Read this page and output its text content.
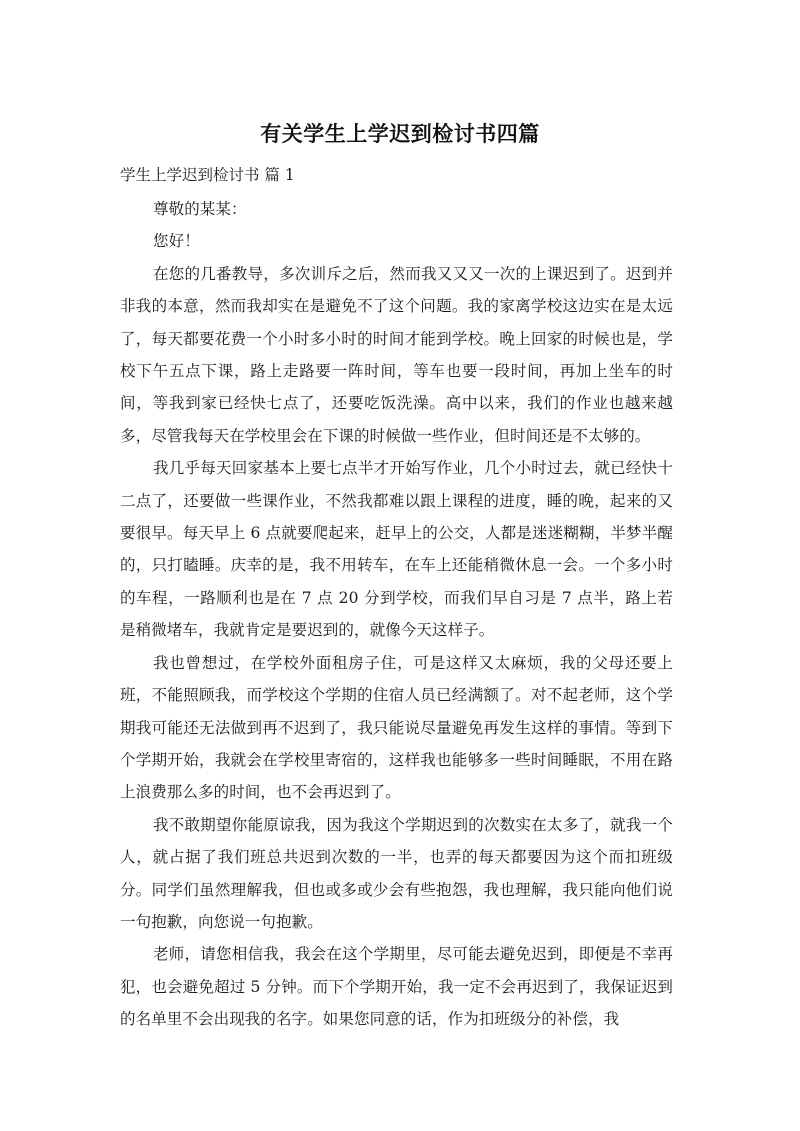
有关学生上学迟到检讨书四篇
学生上学迟到检讨书 篇 1

尊敬的某某：

您好！

在您的几番教导，多次训斥之后，然而我又又又一次的上课迟到了。迟到并非我的本意，然而我却实在是避免不了这个问题。我的家离学校这边实在是太远了，每天都要花费一个小时多小时的时间才能到学校。晚上回家的时候也是，学校下午五点下课，路上走路要一阵时间，等车也要一段时间，再加上坐车的时间，等我到家已经快七点了，还要吃饭洗澡。高中以来，我们的作业也越来越多，尽管我每天在学校里会在下课的时候做一些作业，但时间还是不太够的。

我几乎每天回家基本上要七点半才开始写作业，几个小时过去，就已经快十二点了，还要做一些课作业，不然我都难以跟上课程的进度，睡的晚，起来的又要很早。每天早上 6 点就要爬起来，赶早上的公交，人都是迷迷糊糊，半梦半醒的，只打瞌睡。庆幸的是，我不用转车，在车上还能稍微休息一会。一个多小时的车程，一路顺利也是在 7 点 20 分到学校，而我们早自习是 7 点半，路上若是稍微堵车，我就肯定是要迟到的，就像今天这样子。

我也曾想过，在学校外面租房子住，可是这样又太麻烦，我的父母还要上班，不能照顾我，而学校这个学期的住宿人员已经满额了。对不起老师，这个学期我可能还无法做到再不迟到了，我只能说尽量避免再发生这样的事情。等到下个学期开始，我就会在学校里寄宿的，这样我也能够多一些时间睡眠，不用在路上浪费那么多的时间，也不会再迟到了。

我不敢期望你能原谅我，因为我这个学期迟到的次数实在太多了，就我一个人，就占据了我们班总共迟到次数的一半，也弄的每天都要因为这个而扣班级分。同学们虽然理解我，但也或多或少会有些抱怨，我也理解，我只能向他们说一句抱歉，向您说一句抱歉。

老师，请您相信我，我会在这个学期里，尽可能去避免迟到，即便是不幸再犯，也会避免超过 5 分钟。而下个学期开始，我一定不会再迟到了，我保证迟到的名单里不会出现我的名字。如果您同意的话，作为扣班级分的补偿，我
